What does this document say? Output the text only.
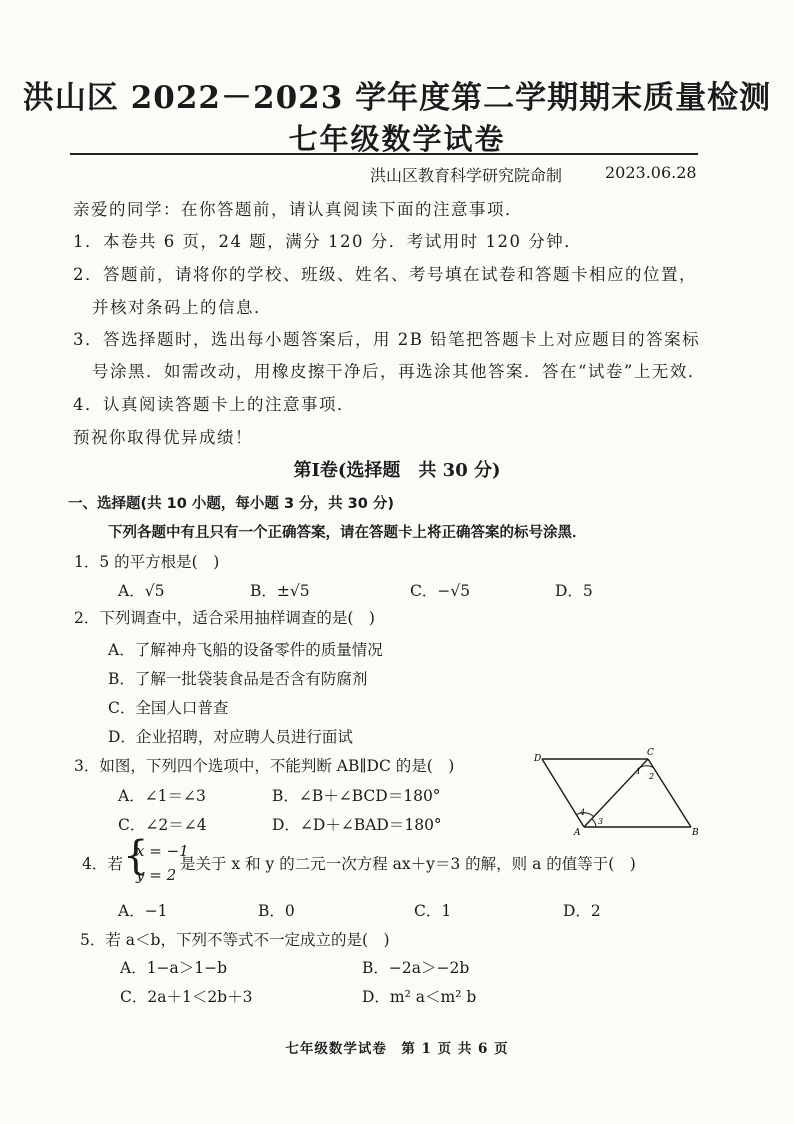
洪山区 2022－2023 学年度第二学期期末质量检测
七年级数学试卷
洪山区教育科学研究院命制	2023.06.28
亲爱的同学：在你答题前，请认真阅读下面的注意事项．
1．本卷共 6 页，24 题，满分 120 分．考试用时 120 分钟．
2．答题前，请将你的学校、班级、姓名、考号填在试卷和答题卡相应的位置，
并核对条码上的信息．
3．答选择题时，选出每小题答案后，用 2B 铅笔把答题卡上对应题目的答案标
号涂黑．如需改动，用橡皮擦干净后，再选涂其他答案．答在“试卷”上无效．
4．认真阅读答题卡上的注意事项．
预祝你取得优异成绩！
第Ⅰ卷(选择题　共 30 分)
一、选择题(共 10 小题，每小题 3 分，共 30 分)
下列各题中有且只有一个正确答案，请在答题卡上将正确答案的标号涂黑．
1．5 的平方根是(　)
A．√5	B．±√5	C．−√5	D．5
2．下列调查中，适合采用抽样调查的是(　)
A．了解神舟飞船的设备零件的质量情况
B．了解一批袋装食品是否含有防腐剂
C．全国人口普查
D．企业招聘，对应聘人员进行面试
3．如图，下列四个选项中，不能判断 AB∥DC 的是(　)
A．∠1＝∠3	B．∠B＋∠BCD＝180°
C．∠2＝∠4	D．∠D＋∠BAD＝180°
D
C
A	B
1
2
3
4
4．若 {
x = −1
y = 2
是关于 x 和 y 的二元一次方程 ax＋y＝3 的解，则 a 的值等于(　)
A．−1	B．0	C．1	D．2
5．若 a＜b，下列不等式不一定成立的是(　)
A．1−a＞1−b	B．−2a＞−2b
C．2a＋1＜2b＋3	D．m² a＜m² b
七年级数学试卷　第 1 页 共 6 页
